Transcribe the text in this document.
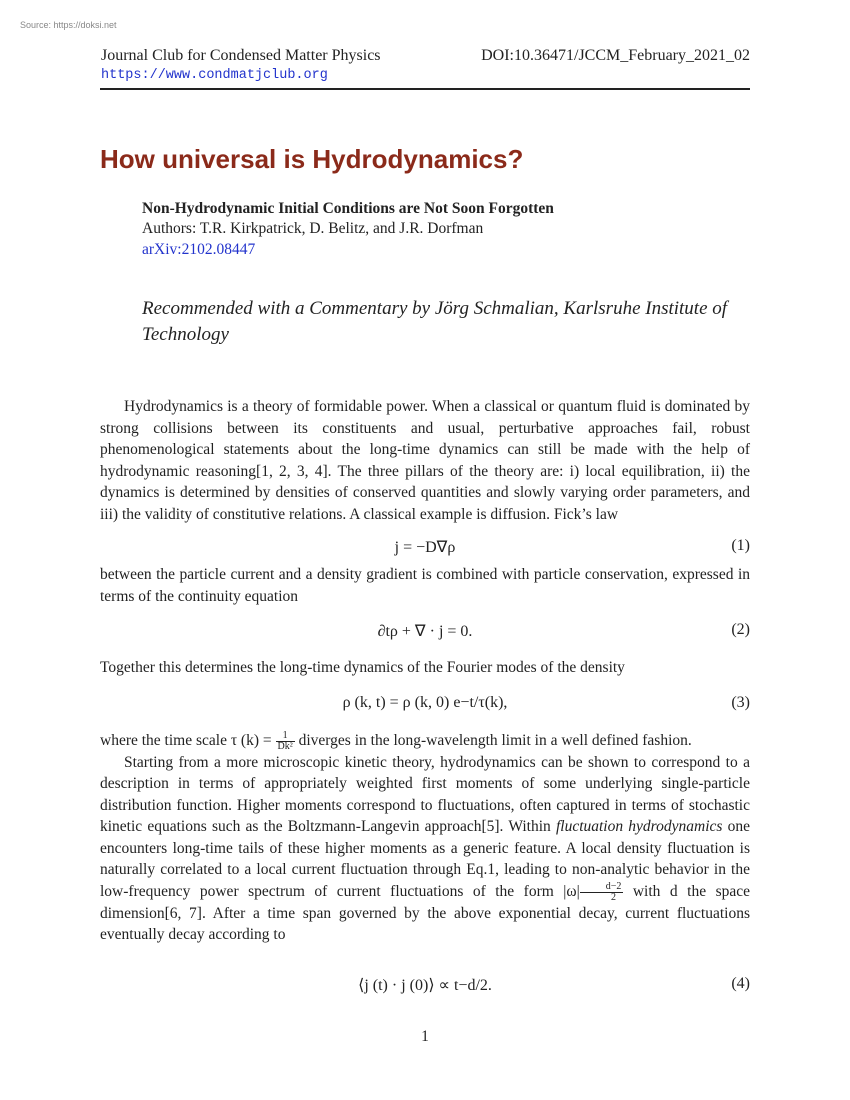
Source: https://doksi.net
Journal Club for Condensed Matter Physics
https://www.condmatjclub.org
DOI:10.36471/JCCM_February_2021_02
How universal is Hydrodynamics?
Non-Hydrodynamic Initial Conditions are Not Soon Forgotten
Authors: T.R. Kirkpatrick, D. Belitz, and J.R. Dorfman
arXiv:2102.08447
Recommended with a Commentary by Jörg Schmalian, Karlsruhe Institute of Technology
Hydrodynamics is a theory of formidable power. When a classical or quantum fluid is dominated by strong collisions between its constituents and usual, perturbative approaches fail, robust phenomenological statements about the long-time dynamics can still be made with the help of hydrodynamic reasoning[1, 2, 3, 4]. The three pillars of the theory are: i) local equilibration, ii) the dynamics is determined by densities of conserved quantities and slowly varying order parameters, and iii) the validity of constitutive relations. A classical example is diffusion. Fick’s law
j = −D∇ρ	(1)
between the particle current and a density gradient is combined with particle conservation, expressed in terms of the continuity equation
∂tρ + ∇ · j = 0.	(2)
Together this determines the long-time dynamics of the Fourier modes of the density
ρ (k, t) = ρ (k, 0) e−t/τ(k),	(3)

where the time scale τ $(k) = \frac{1}{\text{Dk²}}$ diverges in the long-wavelength limit in a well defined fashion.

Starting from a more microscopic kinetic theory, hydrodynamics can be shown to correspond to a description in terms of appropriately weighted first moments of some underlying single-particle distribution function. Higher moments correspond to fluctuations, often captured in terms of stochastic kinetic equations such as the Boltzmann-Langevin approach[5]. Within fluctuation hydrodynamics one encounters long-time tails of these higher moments as a generic feature. A local density fluctuation is naturally correlated to a local current fluctuation through Eq.1, leading to non-analytic behavior in the low-frequency power spectrum of current fluctuations of the form $|\omega| \frac{d-2}{2}$ with d the space dimension[6, 7]. After a time span governed by the above exponential decay, current fluctuations eventually decay according to

⟨j (t) · j (0)⟩ ∝ t−d/2.	(4)
1
